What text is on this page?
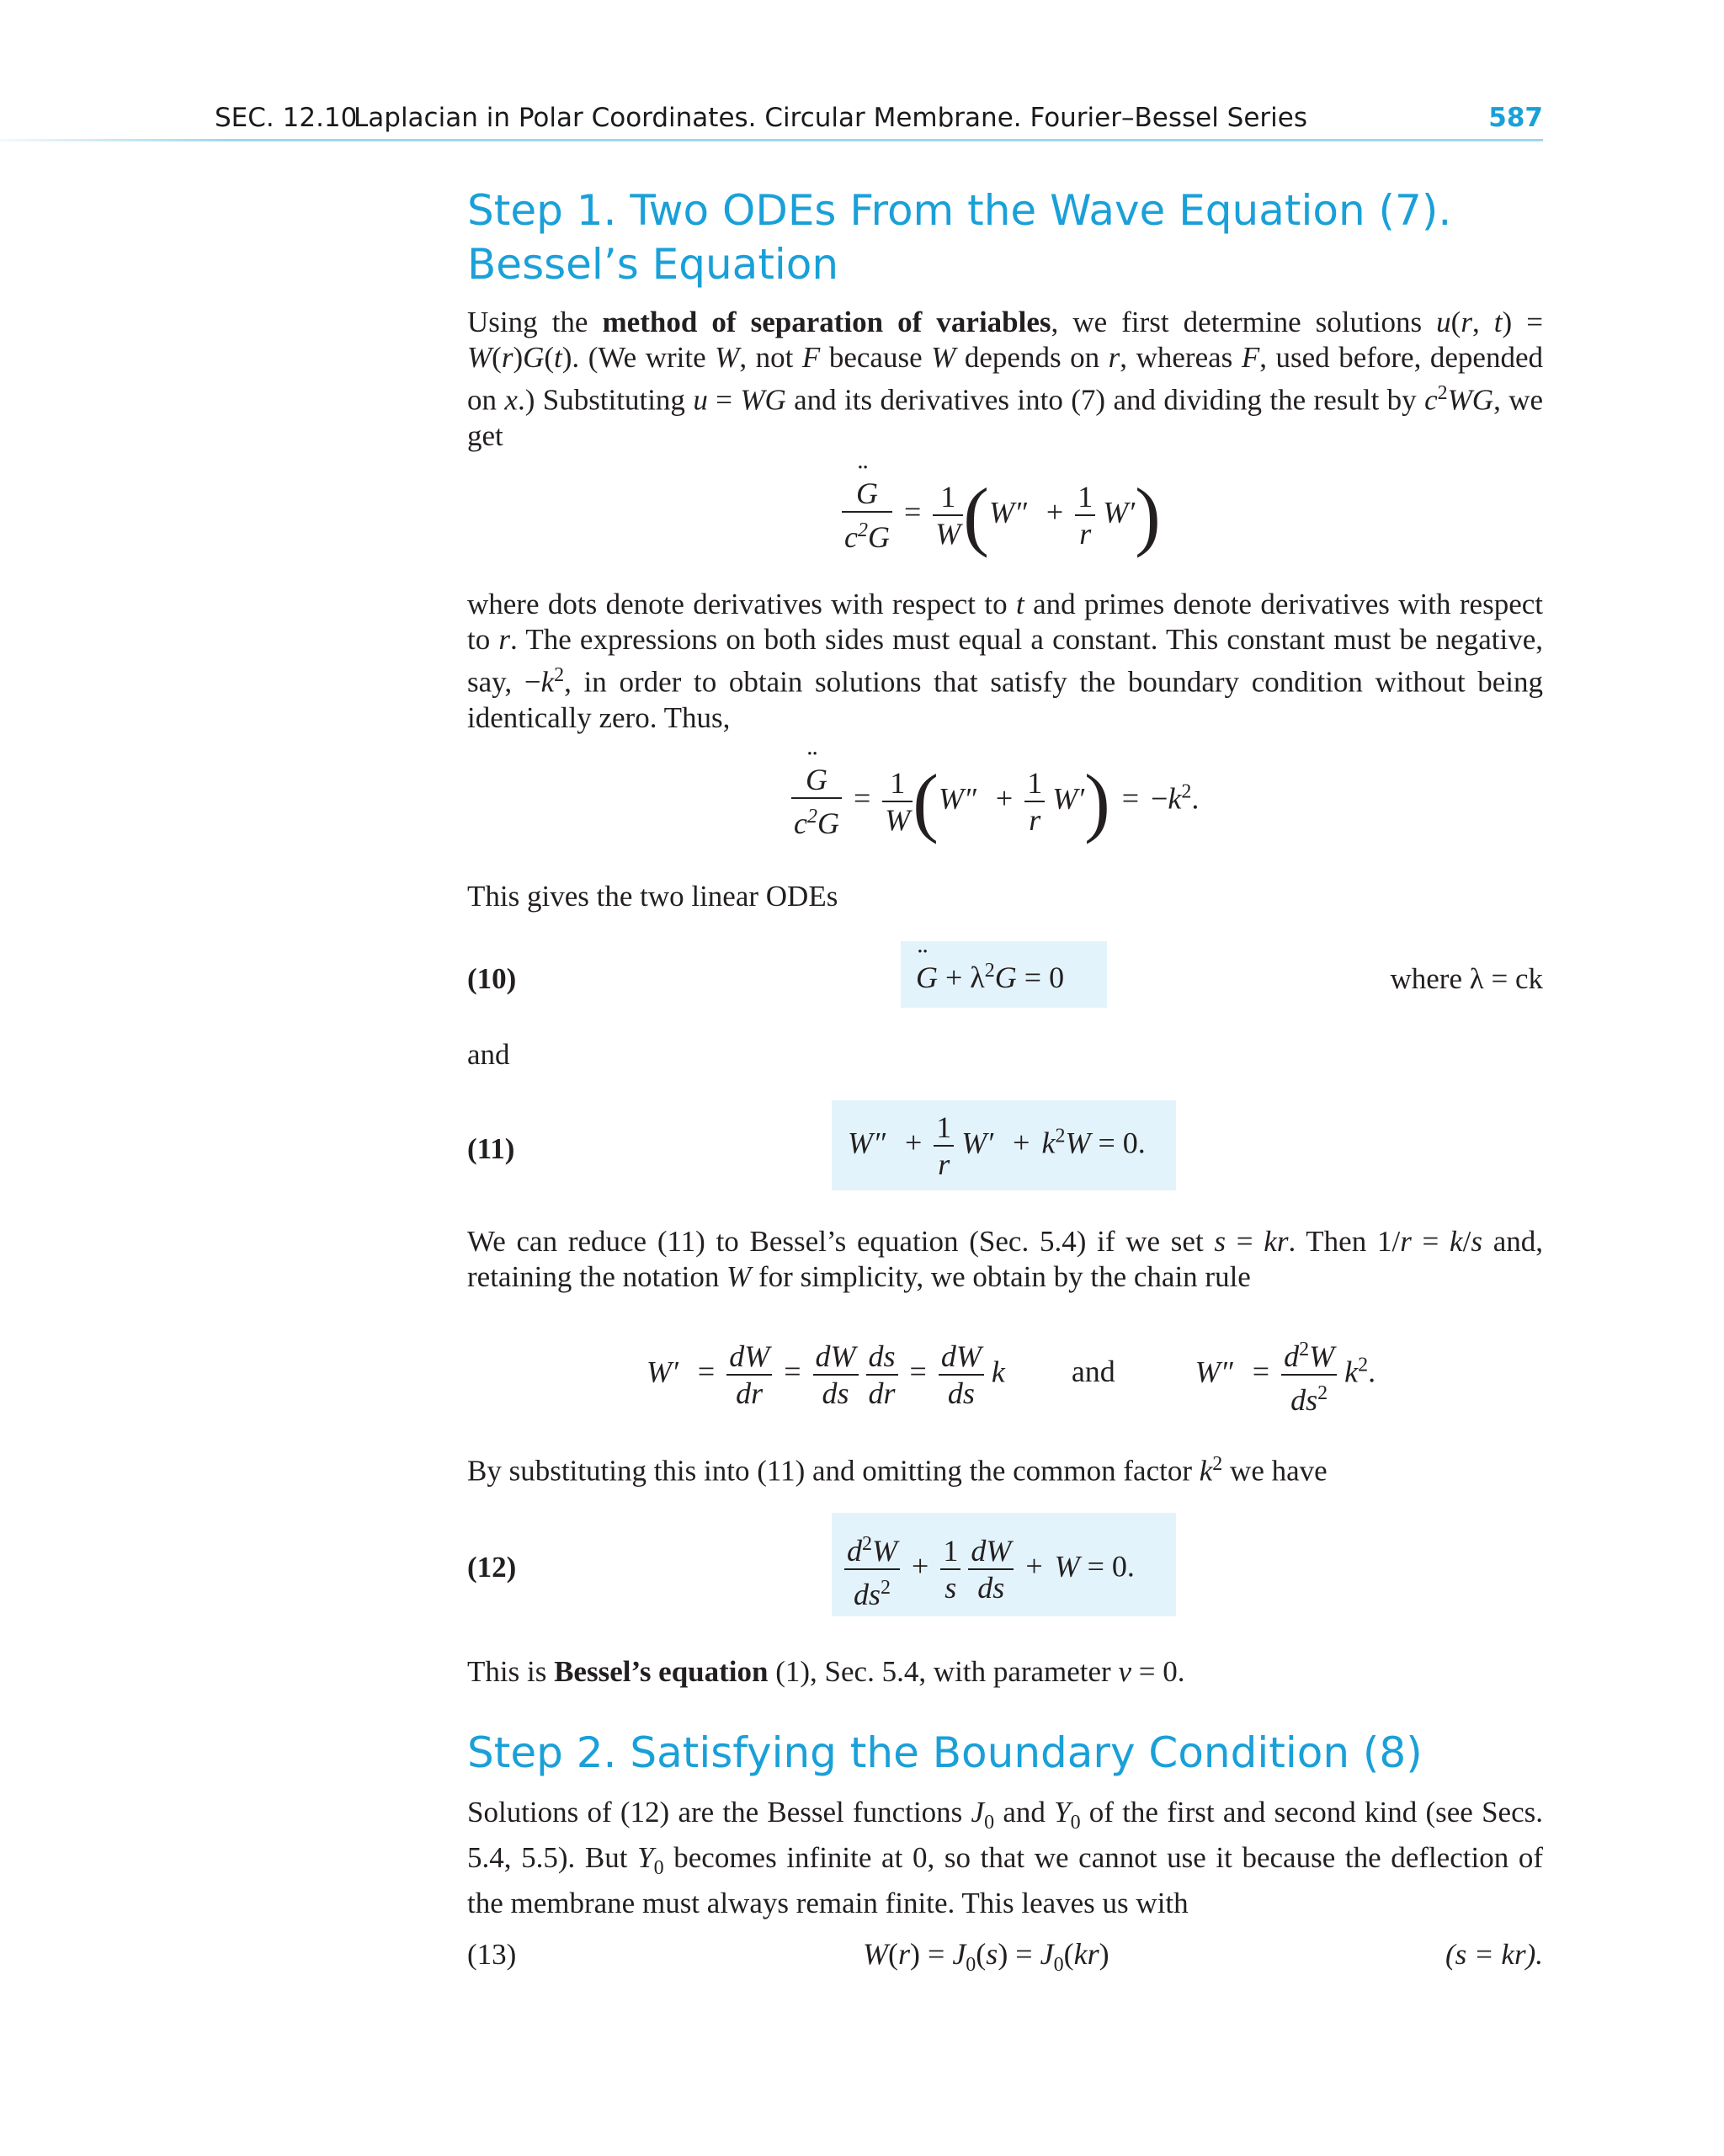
SEC. 12.10
Laplacian in Polar Coordinates. Circular Membrane. Fourier–Bessel Series	587
Step 1. Two ODEs From the Wave Equation (7).
Bessel’s Equation
Using the method of separation of variables, we first determine solutions u(r, t) = W(r)G(t). (We write W, not F because W depends on r, whereas F, used before, depended on x.) Substituting u = WG and its derivatives into (7) and dividing the result by $c^2WG$, we get
¨ $\frac{G}{c^2G} = \frac{1}{W} (W'' + \frac{1}{r} W')$
where dots denote derivatives with respect to t and primes denote derivatives with respect to r. The expressions on both sides must equal a constant. This constant must be negative, say, $-k^2$, in order to obtain solutions that satisfy the boundary condition without being identically zero. Thus,
¨ $\frac{G}{c^2G} = \frac{1}{W} (W'' + \frac{1}{r} W') = -k^2$.
This gives the two linear ODEs
(10)
¨	$G + \lambda^2G = 0$	where λ = ck
and
(11)	$W'' + \frac{1}{r} W' + k^2W = 0$.
We can reduce (11) to Bessel’s equation (Sec. 5.4) if we set s = kr. Then 1/r = k/s and, retaining the notation W for simplicity, we obtain by the chain rule
$W' = \frac{dW}{dr} = \frac{dW}{ds}$
$\frac{ds}{dr} = \frac{dW}{ds}$ k and	$W'' = \frac{d^2W}{ds^2} k^2$.
By substituting this into (11) and omitting the common factor $k^2$ we have
(12)	$\frac{d^2W}{ds^2} + \frac{1}{s}$
$\frac{dW}{ds} + W = 0$.
This is Bessel’s equation (1), Sec. 5.4, with parameter ν = 0.
Step 2. Satisfying the Boundary Condition (8)
Solutions of (12) are the Bessel functions $J_0$ and $Y_0$ of the first and second kind (see Secs. 5.4, 5.5). But $Y_0$ becomes infinite at 0, so that we cannot use it because the deflection of the membrane must always remain finite. This leaves us with
(13)	$W(r) = J_0(s) = J_0(kr)$	(s = kr).
